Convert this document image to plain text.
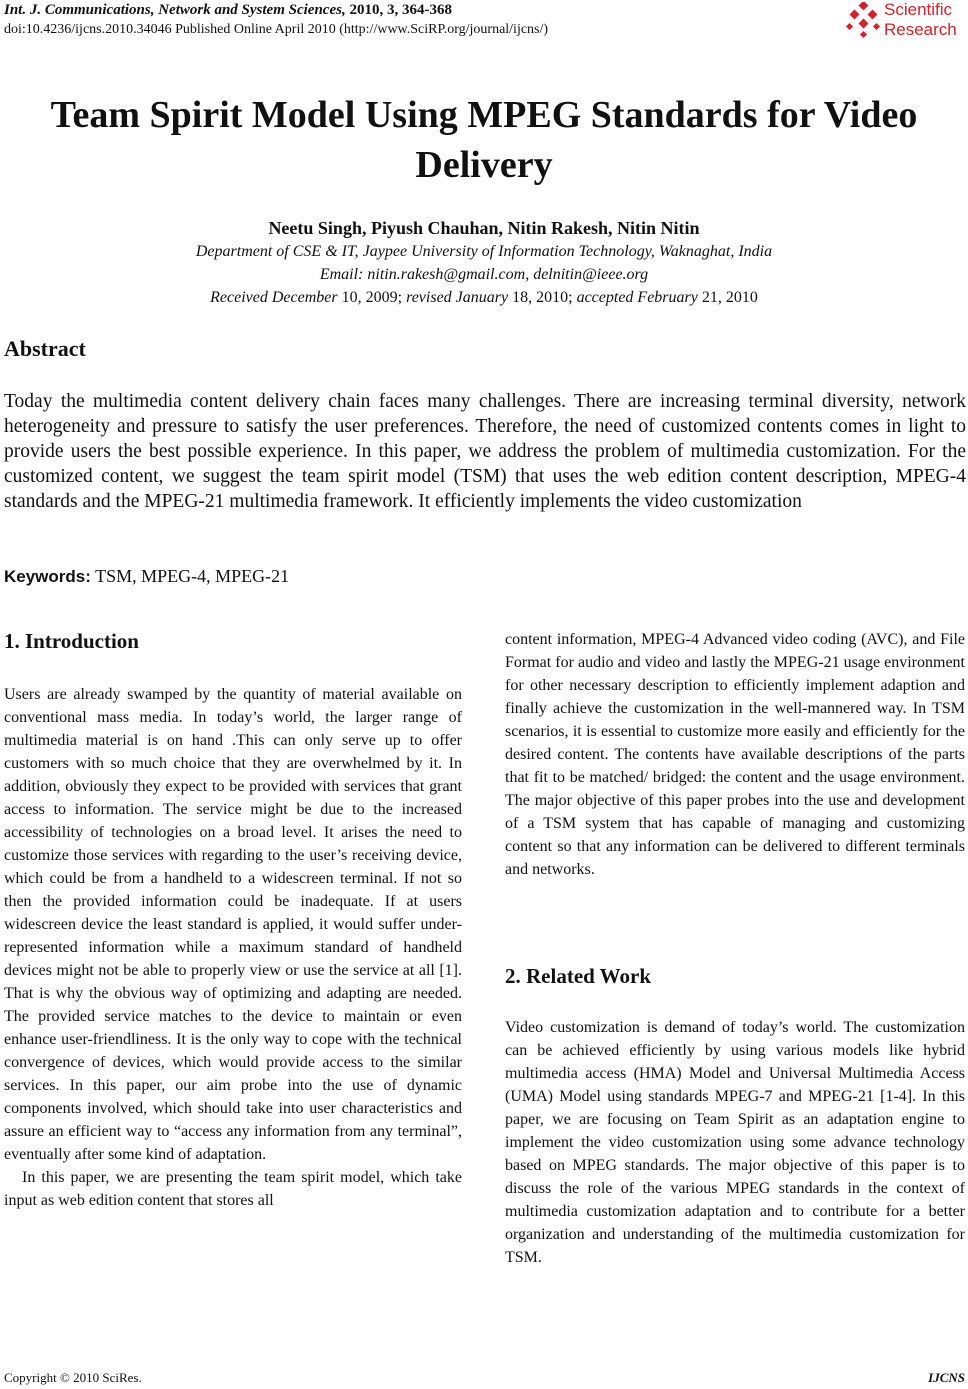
Int. J. Communications, Network and System Sciences, 2010, 3, 364-368
doi:10.4236/ijcns.2010.34046 Published Online April 2010 (http://www.SciRP.org/journal/ijcns/)
Scientific
Research
Team Spirit Model Using MPEG Standards for Video Delivery
Neetu Singh, Piyush Chauhan, Nitin Rakesh, Nitin Nitin
Department of CSE & IT, Jaypee University of Information Technology, Waknaghat, India
Email: nitin.rakesh@gmail.com, delnitin@ieee.org
Received December 10, 2009; revised January 18, 2010; accepted February 21, 2010
Abstract
Today the multimedia content delivery chain faces many challenges. There are increasing terminal diversity, network heterogeneity and pressure to satisfy the user preferences. Therefore, the need of customized contents comes in light to provide users the best possible experience. In this paper, we address the problem of multimedia customization. For the customized content, we suggest the team spirit model (TSM) that uses the web edition content description, MPEG-4 standards and the MPEG-21 multimedia framework. It efficiently implements the video customization
Keywords: TSM, MPEG-4, MPEG-21
1. Introduction

Users are already swamped by the quantity of material available on conventional mass media. In today’s world, the larger range of multimedia material is on hand .This can only serve up to offer customers with so much choice that they are overwhelmed by it. In addition, obviously they expect to be provided with services that grant access to information. The service might be due to the increased accessibility of technologies on a broad level. It arises the need to customize those services with regarding to the user’s receiving device, which could be from a handheld to a widescreen terminal. If not so then the provided information could be inadequate. If at users widescreen device the least standard is applied, it would suffer under-represented information while a maximum standard of handheld devices might not be able to properly view or use the service at all [1]. That is why the obvious way of optimizing and adapting are needed. The provided service matches to the device to maintain or even enhance user-friendliness. It is the only way to cope with the technical convergence of devices, which would provide access to the similar services. In this paper, our aim probe into the use of dynamic components involved, which should take into user characteristics and assure an efficient way to “access any information from any terminal”, eventually after some kind of adaptation.

In this paper, we are presenting the team spirit model, which take input as web edition content that stores all

content information, MPEG-4 Advanced video coding (AVC), and File Format for audio and video and lastly the MPEG-21 usage environment for other necessary description to efficiently implement adaption and finally achieve the customization in the well-mannered way. In TSM scenarios, it is essential to customize more easily and efficiently for the desired content. The contents have available descriptions of the parts that fit to be matched/ bridged: the content and the usage environment. The major objective of this paper probes into the use and development of a TSM system that has capable of managing and customizing content so that any information can be delivered to different terminals and networks.

2. Related Work

Video customization is demand of today’s world. The customization can be achieved efficiently by using various models like hybrid multimedia access (HMA) Model and Universal Multimedia Access (UMA) Model using standards MPEG-7 and MPEG-21 [1-4]. In this paper, we are focusing on Team Spirit as an adaptation engine to implement the video customization using some advance technology based on MPEG standards. The major objective of this paper is to discuss the role of the various MPEG standards in the context of multimedia customization adaptation and to contribute for a better organization and understanding of the multimedia customization for TSM.

Copyright © 2010 SciRes.	IJCNS
